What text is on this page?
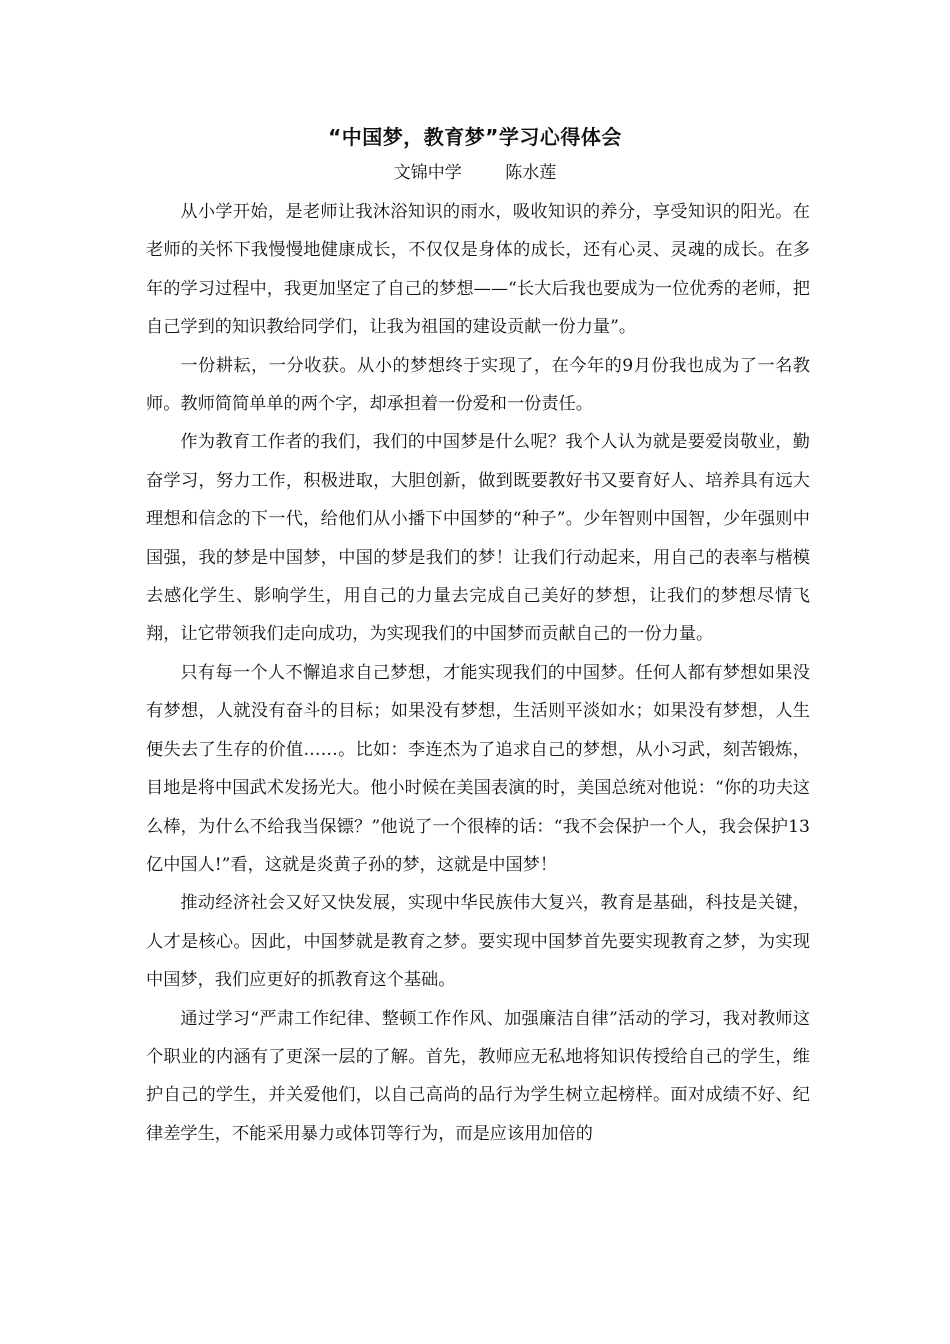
“中国梦，教育梦”学习心得体会
文锦中学	陈水莲

从小学开始，是老师让我沐浴知识的雨水，吸收知识的养分，享受知识的阳光。在老师的关怀下我慢慢地健康成长，不仅仅是身体的成长，还有心灵、灵魂的成长。在多年的学习过程中，我更加坚定了自己的梦想——“长大后我也要成为一位优秀的老师，把自己学到的知识教给同学们，让我为祖国的建设贡献一份力量”。

一份耕耘，一分收获。从小的梦想终于实现了，在今年的9月份我也成为了一名教师。教师简简单单的两个字，却承担着一份爱和一份责任。

作为教育工作者的我们，我们的中国梦是什么呢？我个人认为就是要爱岗敬业，勤奋学习，努力工作，积极进取，大胆创新，做到既要教好书又要育好人、培养具有远大理想和信念的下一代，给他们从小播下中国梦的“种子”。少年智则中国智，少年强则中国强，我的梦是中国梦，中国的梦是我们的梦！让我们行动起来，用自己的表率与楷模去感化学生、影响学生，用自己的力量去完成自己美好的梦想，让我们的梦想尽情飞翔，让它带领我们走向成功，为实现我们的中国梦而贡献自己的一份力量。

只有每一个人不懈追求自己梦想，才能实现我们的中国梦。任何人都有梦想如果没有梦想，人就没有奋斗的目标；如果没有梦想，生活则平淡如水；如果没有梦想，人生便失去了生存的价值……。比如：李连杰为了追求自己的梦想，从小习武，刻苦锻炼，目地是将中国武术发扬光大。他小时候在美国表演的时，美国总统对他说：“你的功夫这么棒，为什么不给我当保镖？”他说了一个很棒的话：“我不会保护一个人，我会保护13亿中国人!”看，这就是炎黄子孙的梦，这就是中国梦！

推动经济社会又好又快发展，实现中华民族伟大复兴，教育是基础，科技是关键，人才是核心。因此，中国梦就是教育之梦。要实现中国梦首先要实现教育之梦，为实现中国梦，我们应更好的抓教育这个基础。

通过学习“严肃工作纪律、整顿工作作风、加强廉洁自律”活动的学习，我对教师这个职业的内涵有了更深一层的了解。首先，教师应无私地将知识传授给自己的学生，维护自己的学生，并关爱他们，以自己高尚的品行为学生树立起榜样。面对成绩不好、纪律差学生，不能采用暴力或体罚等行为，而是应该用加倍的
